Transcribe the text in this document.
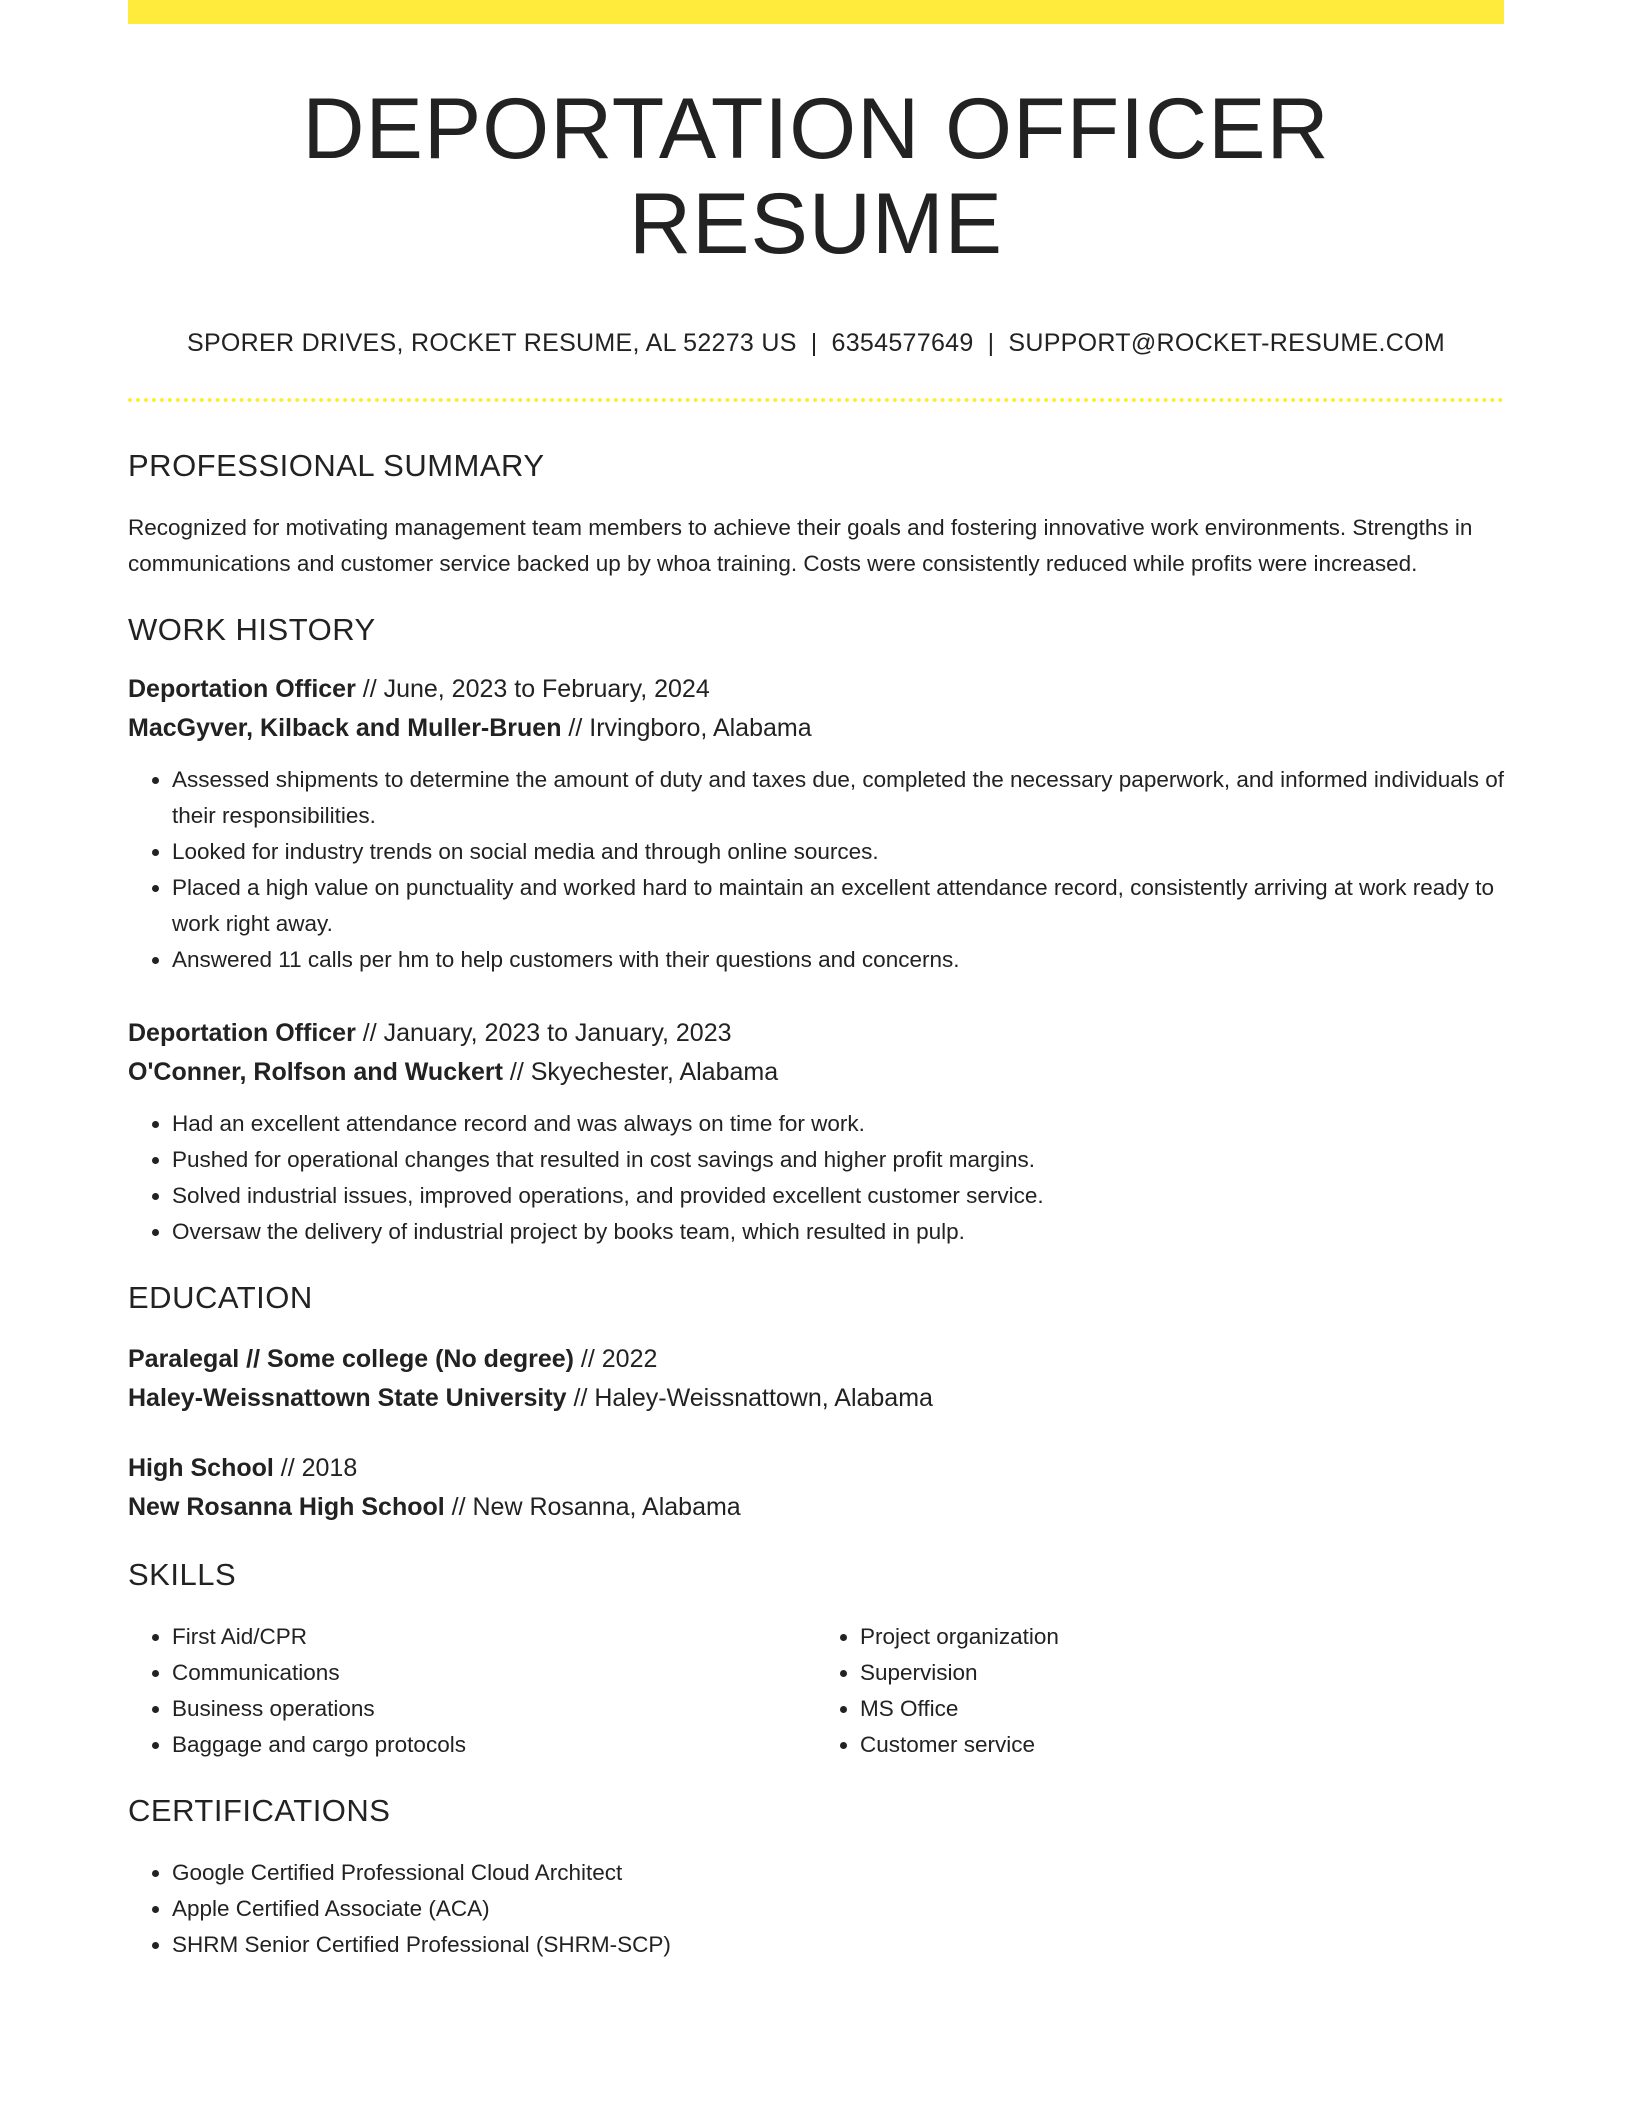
DEPORTATION OFFICER RESUME
SPORER DRIVES, ROCKET RESUME, AL 52273 US | 6354577649 | SUPPORT@ROCKET-RESUME.COM
PROFESSIONAL SUMMARY

Recognized for motivating management team members to achieve their goals and fostering innovative work environments. Strengths in communications and customer service backed up by whoa training. Costs were consistently reduced while profits were increased.

WORK HISTORY

Deportation Officer // June, 2023 to February, 2024

MacGyver, Kilback and Muller-Bruen // Irvingboro, Alabama

• Assessed shipments to determine the amount of duty and taxes due, completed the necessary paperwork, and informed individuals of their responsibilities.
• Looked for industry trends on social media and through online sources.
• Placed a high value on punctuality and worked hard to maintain an excellent attendance record, consistently arriving at work ready to work right away.
• Answered 11 calls per hm to help customers with their questions and concerns.

Deportation Officer // January, 2023 to January, 2023

O'Conner, Rolfson and Wuckert // Skyechester, Alabama

• Had an excellent attendance record and was always on time for work.
• Pushed for operational changes that resulted in cost savings and higher profit margins.
• Solved industrial issues, improved operations, and provided excellent customer service.
• Oversaw the delivery of industrial project by books team, which resulted in pulp.
EDUCATION

Paralegal // Some college (No degree) // 2022

Haley-Weissnattown State University // Haley-Weissnattown, Alabama

High School // 2018

New Rosanna High School // New Rosanna, Alabama

SKILLS
• First Aid/CPR
• Communications
• Business operations
• Baggage and cargo protocols
• Project organization
• Supervision
• MS Office
• Customer service
CERTIFICATIONS
• Google Certified Professional Cloud Architect
• Apple Certified Associate (ACA)
• SHRM Senior Certified Professional (SHRM-SCP)
